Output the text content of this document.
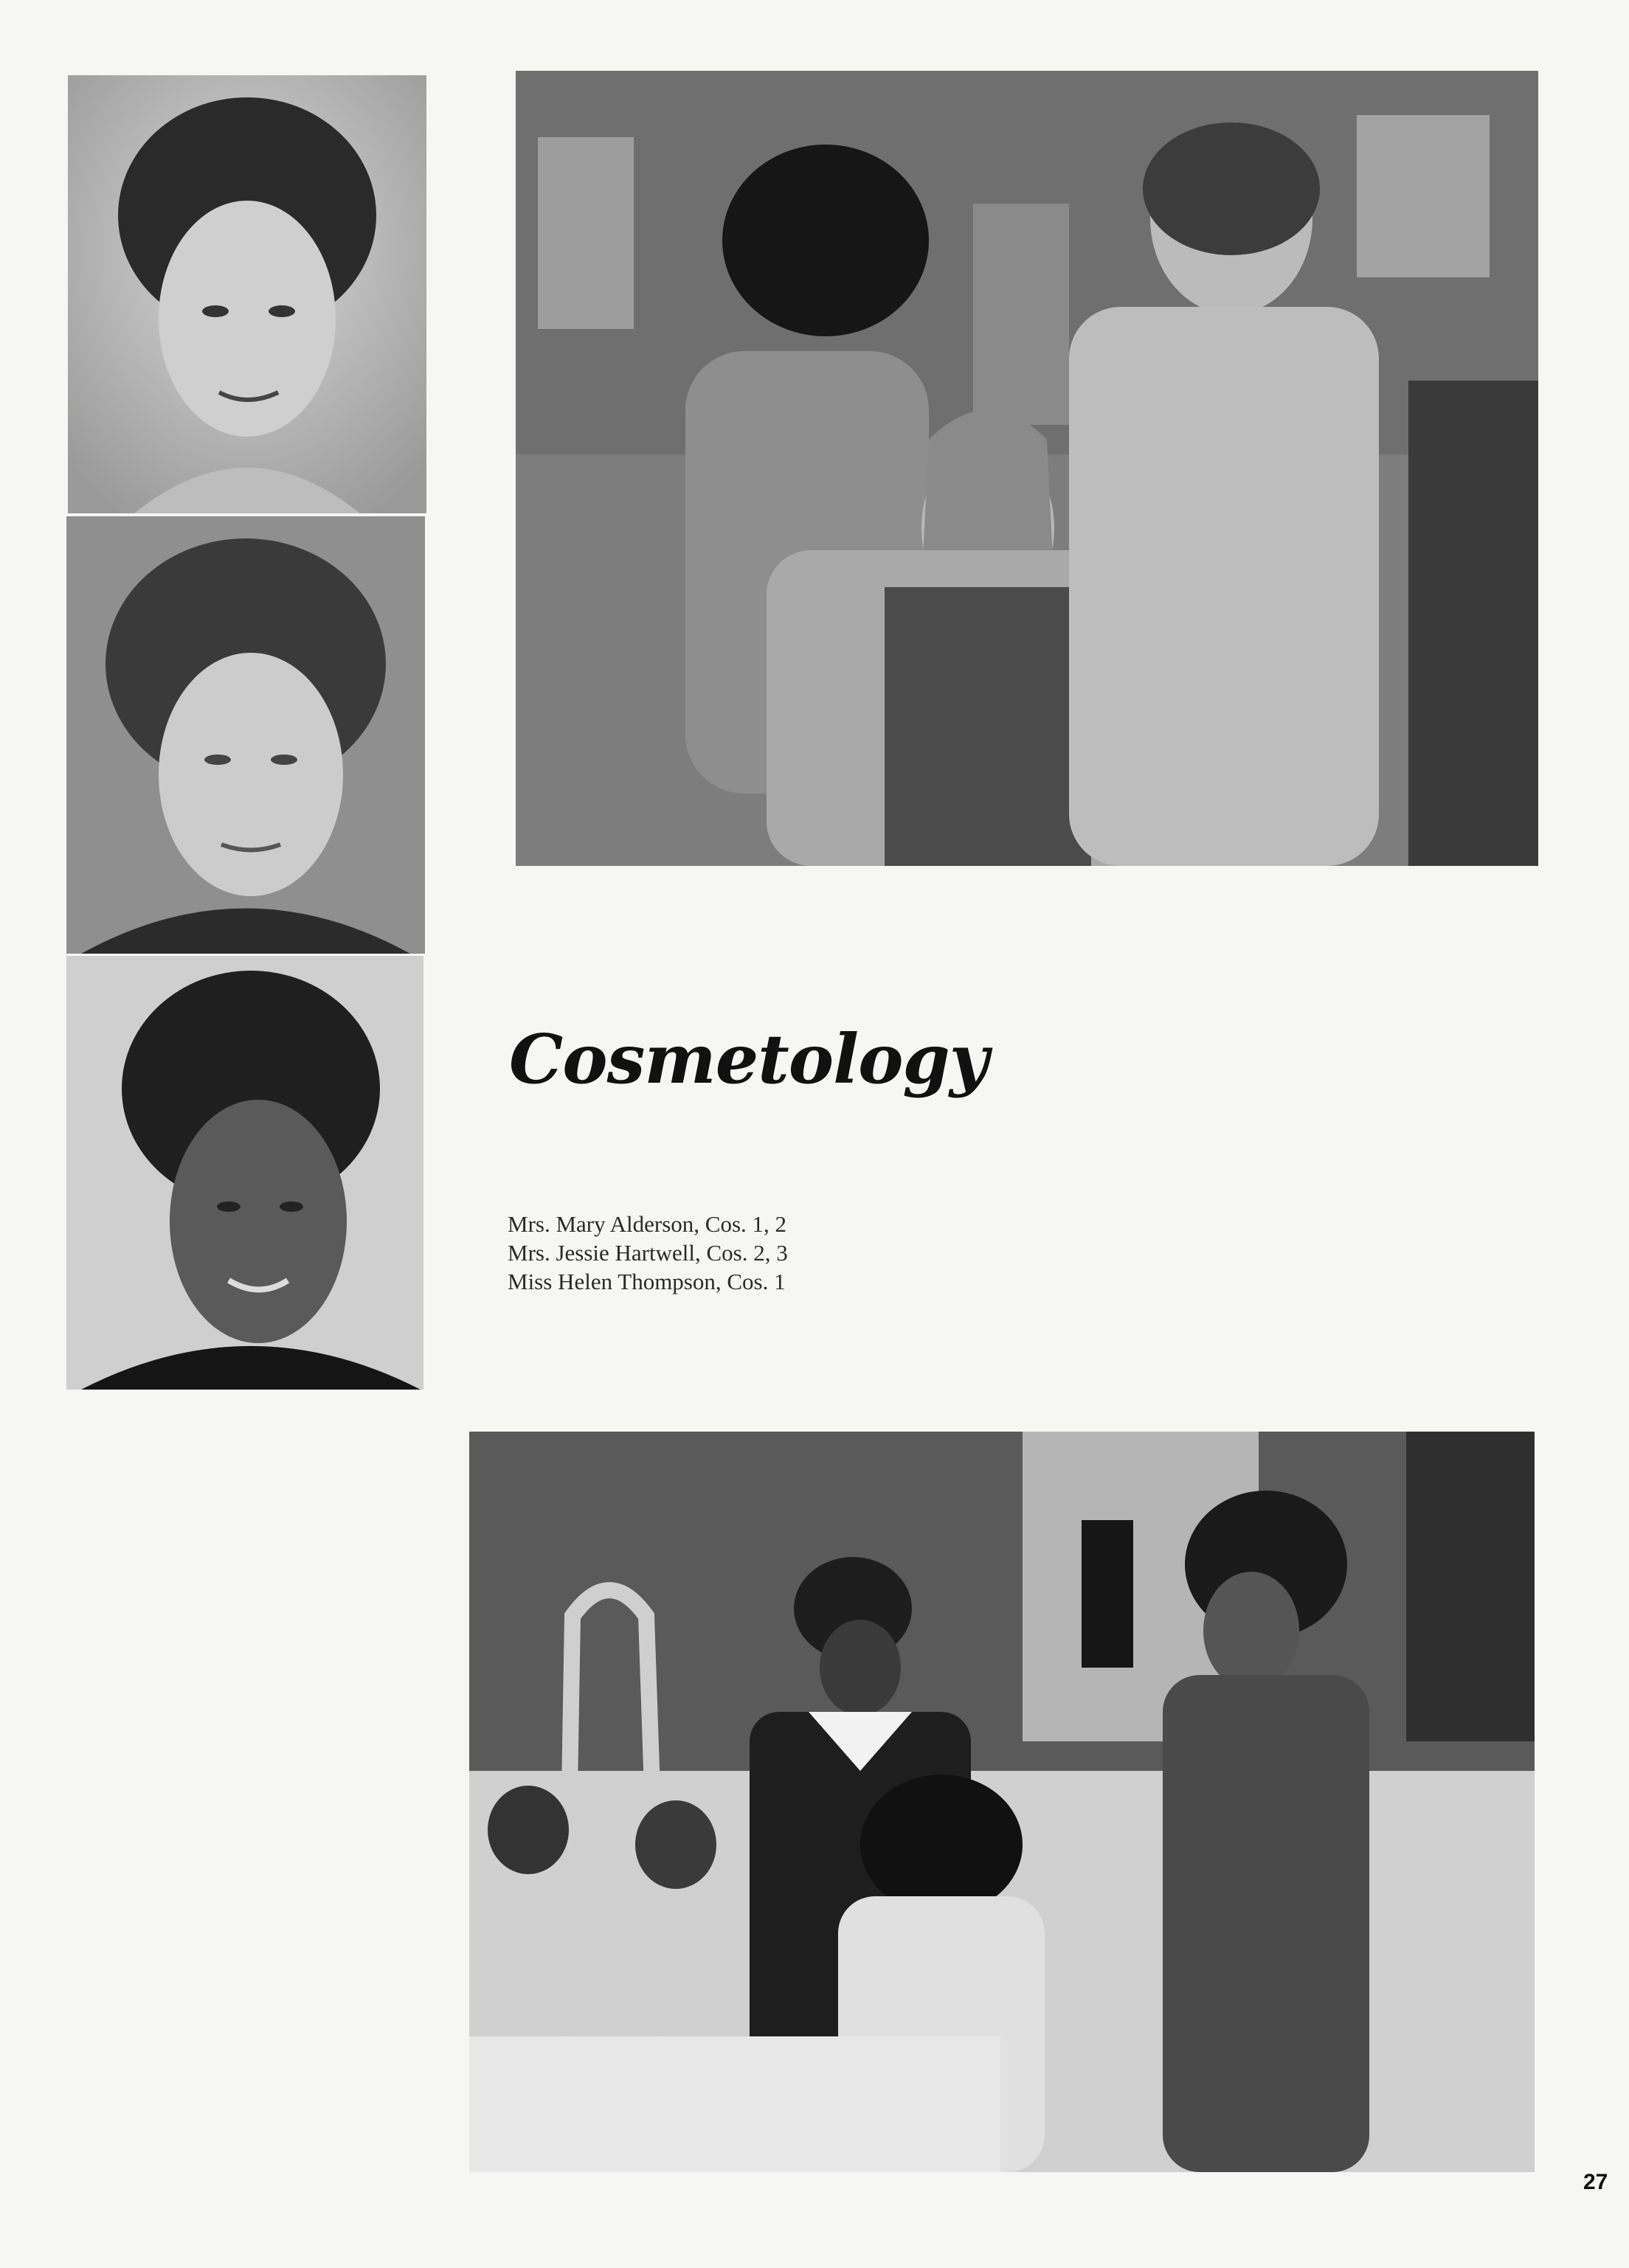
Cosmetology
Mrs. Mary Alderson, Cos. 1, 2
Mrs. Jessie Hartwell, Cos. 2, 3
Miss Helen Thompson, Cos. 1
27
